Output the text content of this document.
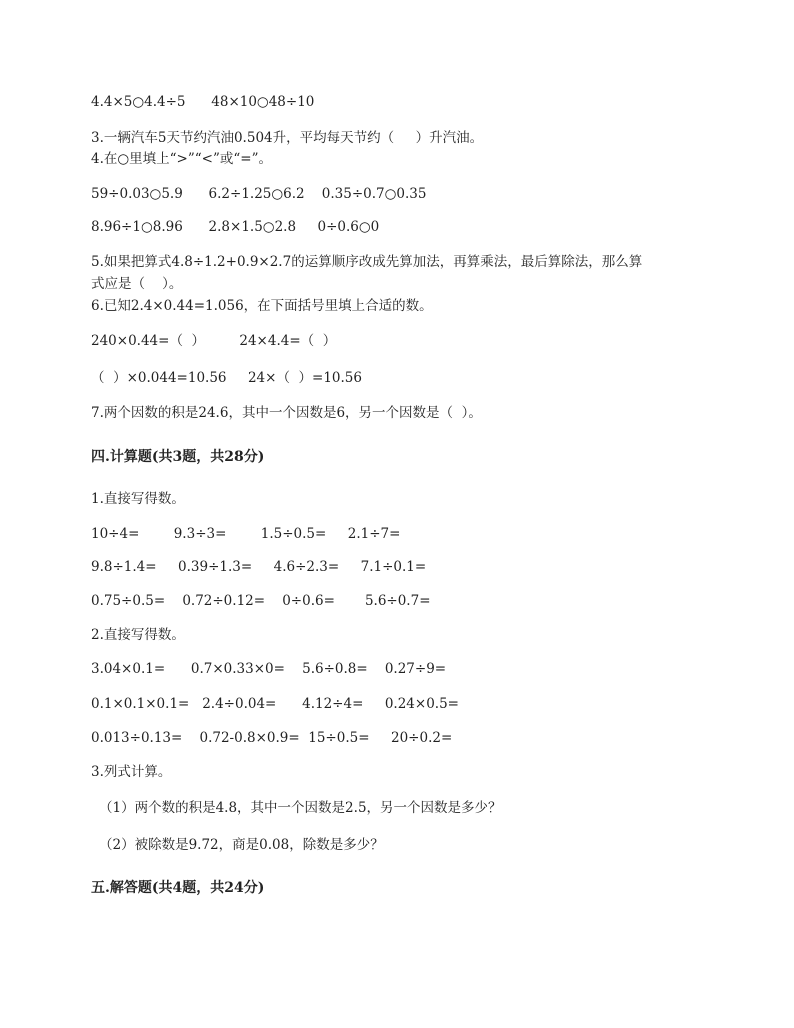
4.4×5○4.4÷5      48×10○48÷10
3.一辆汽车5天节约汽油0.504升，平均每天节约（     ）升汽油。
4.在○里填上“>”“<”或“=”。
59÷0.03○5.9      6.2÷1.25○6.2    0.35÷0.7○0.35
8.96÷1○8.96      2.8×1.5○2.8     0÷0.6○0
5.如果把算式4.8÷1.2+0.9×2.7的运算顺序改成先算加法，再算乘法，最后算除法，那么算
式应是（    ）。
6.已知2.4×0.44=1.056，在下面括号里填上合适的数。
240×0.44=（  ）        24×4.4=（  ）
（  ）×0.044=10.56     24×（  ）=10.56
7.两个因数的积是24.6，其中一个因数是6，另一个因数是（  ）。
四.计算题(共3题，共28分)
1.直接写得数。
10÷4=        9.3÷3=        1.5÷0.5=     2.1÷7=
9.8÷1.4=     0.39÷1.3=     4.6÷2.3=     7.1÷0.1=
0.75÷0.5=    0.72÷0.12=    0÷0.6=       5.6÷0.7=
2.直接写得数。
3.04×0.1=      0.7×0.33×0=    5.6÷0.8=    0.27÷9=
0.1×0.1×0.1=   2.4÷0.04=      4.12÷4=     0.24×0.5=
0.013÷0.13=    0.72-0.8×0.9=  15÷0.5=     20÷0.2=
3.列式计算。
（1）两个数的积是4.8，其中一个因数是2.5，另一个因数是多少？
（2）被除数是9.72，商是0.08，除数是多少？
五.解答题(共4题，共24分)
